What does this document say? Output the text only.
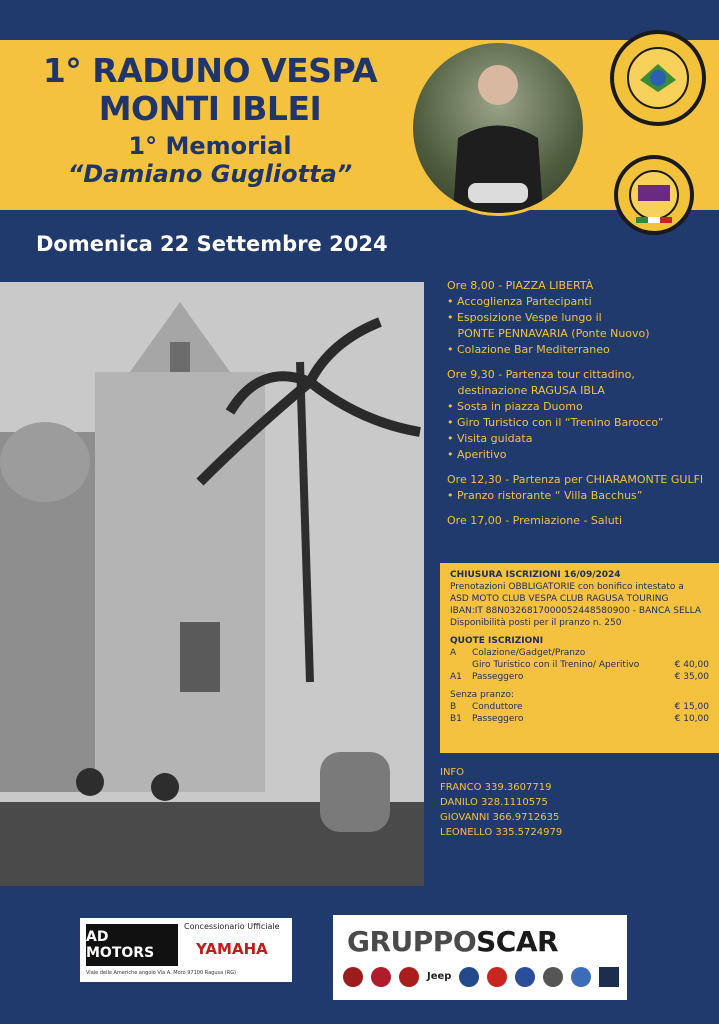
1° RADUNO VESPA
MONTI IBLEI
1° Memorial
“Damiano Gugliotta”
Domenica 22 Settembre 2024
Ore 8,00 - PIAZZA LIBERTÀ
• Accoglienza Partecipanti
• Esposizione Vespe lungo il
PONTE PENNAVARIA (Ponte Nuovo)
• Colazione Bar Mediterraneo
Ore 9,30 - Partenza tour cittadino,
destinazione RAGUSA IBLA
• Sosta in piazza Duomo
• Giro Turistico con il “Trenino Barocco”
• Visita guidata
• Aperitivo
Ore 12,30 - Partenza per CHIARAMONTE GULFI
• Pranzo ristorante “ Villa Bacchus”
Ore 17,00 - Premiazione - Saluti
CHIUSURA ISCRIZIONI 16/09/2024
Prenotazioni OBBLIGATORIE con bonifico intestato a
ASD MOTO CLUB VESPA CLUB RAGUSA TOURING
IBAN:IT 88N0326817000052448580900 - BANCA SELLA
Disponibilità posti per il pranzo n. 250
QUOTE ISCRIZIONI
A	Colazione/Gadget/Pranzo
Giro Turistico con il Trenino/ Aperitivo	€ 40,00
A1	Passeggero	€ 35,00
Senza pranzo:
B	Conduttore	€ 15,00
B1	Passeggero	€ 10,00
INFO
FRANCO 339.3607719
DANILO 328.1110575
GIOVANNI 366.9712635
LEONELLO 335.5724979
AD MOTORS
Concessionario Ufficiale
YAMAHA
Viale delle Americhe angolo Via A. Moro 97100 Ragusa (RG)
GRUPPOSCAR
Jeep
